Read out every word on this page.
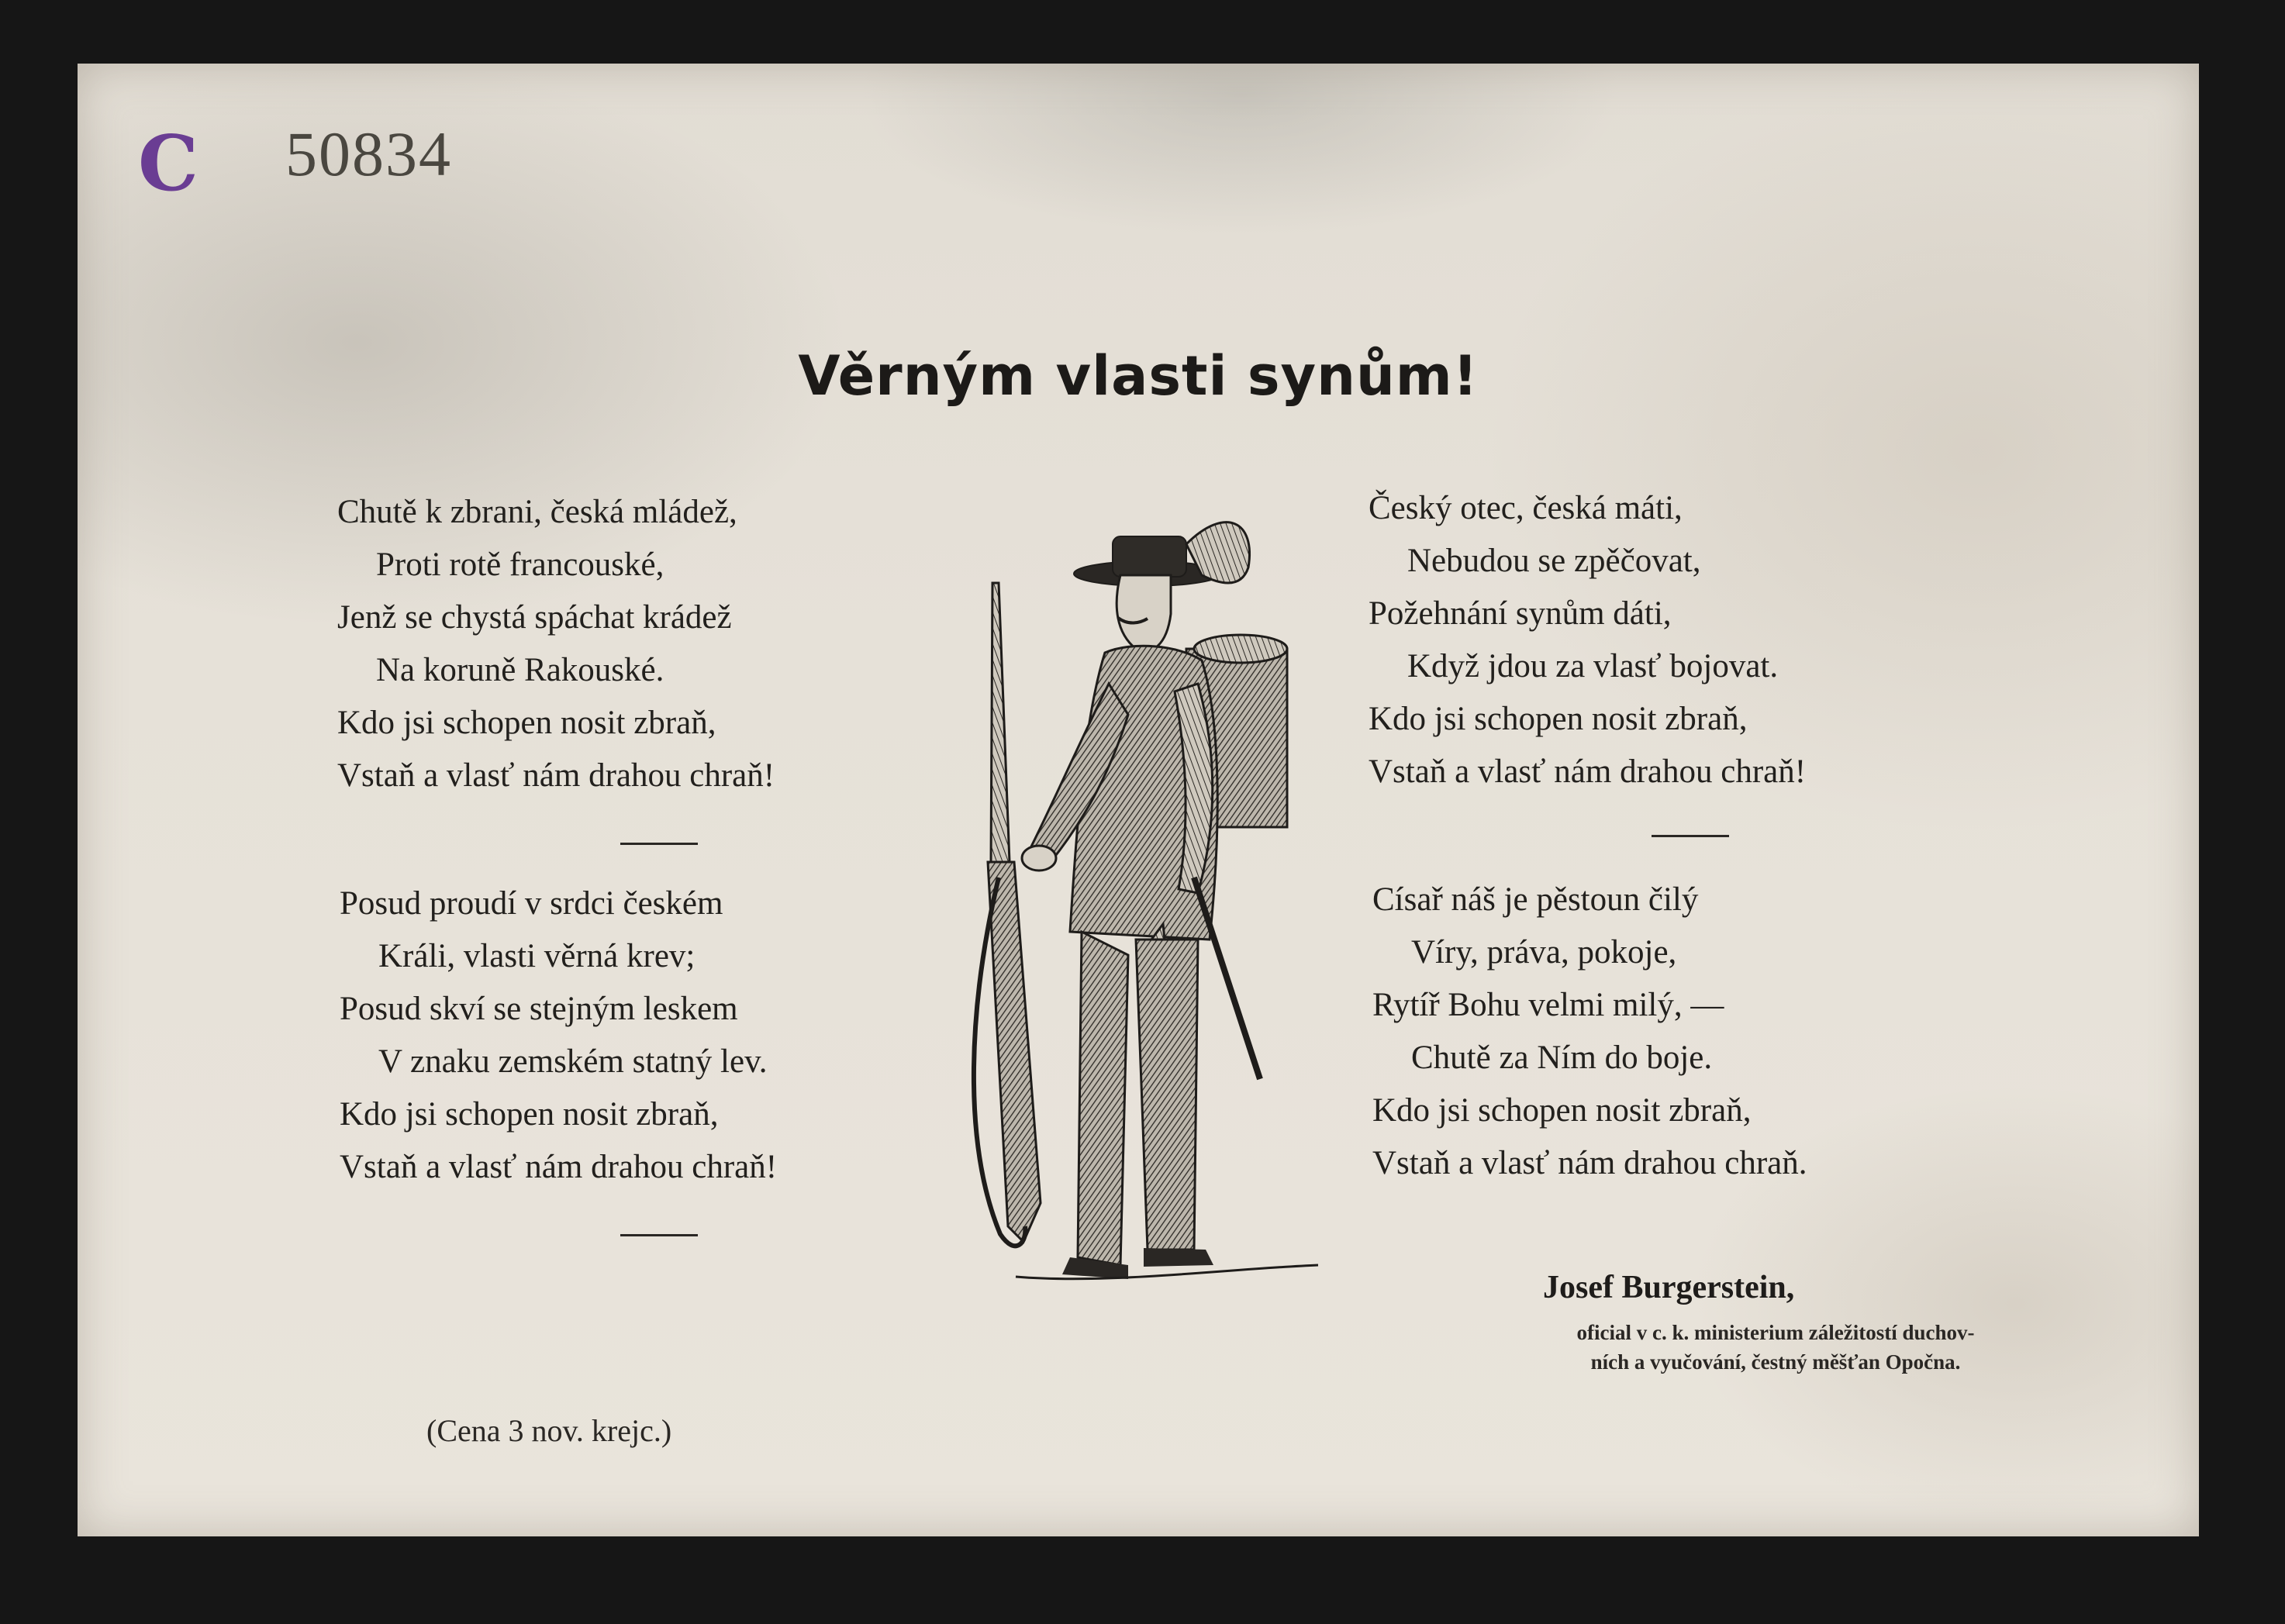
C 50834
Věrným vlasti synům!
Chutě k zbrani, česká mládež,
Proti rotě francouské,
Jenž se chystá spáchat krádež
Na koruně Rakouské.
Kdo jsi schopen nosit zbraň,
Vstaň a vlasť nám drahou chraň!
Posud proudí v srdci českém
Králi, vlasti věrná krev;
Posud skví se stejným leskem
V znaku zemském statný lev.
Kdo jsi schopen nosit zbraň,
Vstaň a vlasť nám drahou chraň!
Český otec, česká máti,
Nebudou se zpěčovat,
Požehnání synům dáti,
Když jdou za vlasť bojovat.
Kdo jsi schopen nosit zbraň,
Vstaň a vlasť nám drahou chraň!
Císař náš je pěstoun čilý
Víry, práva, pokoje,
Rytíř Bohu velmi milý, —
Chutě za Ním do boje.
Kdo jsi schopen nosit zbraň,
Vstaň a vlasť nám drahou chraň.
Josef Burgerstein,
oficial v c. k. ministerium záležitostí duchov-
ních a vyučování, čestný měšťan Opočna.
(Cena 3 nov. krejc.)
